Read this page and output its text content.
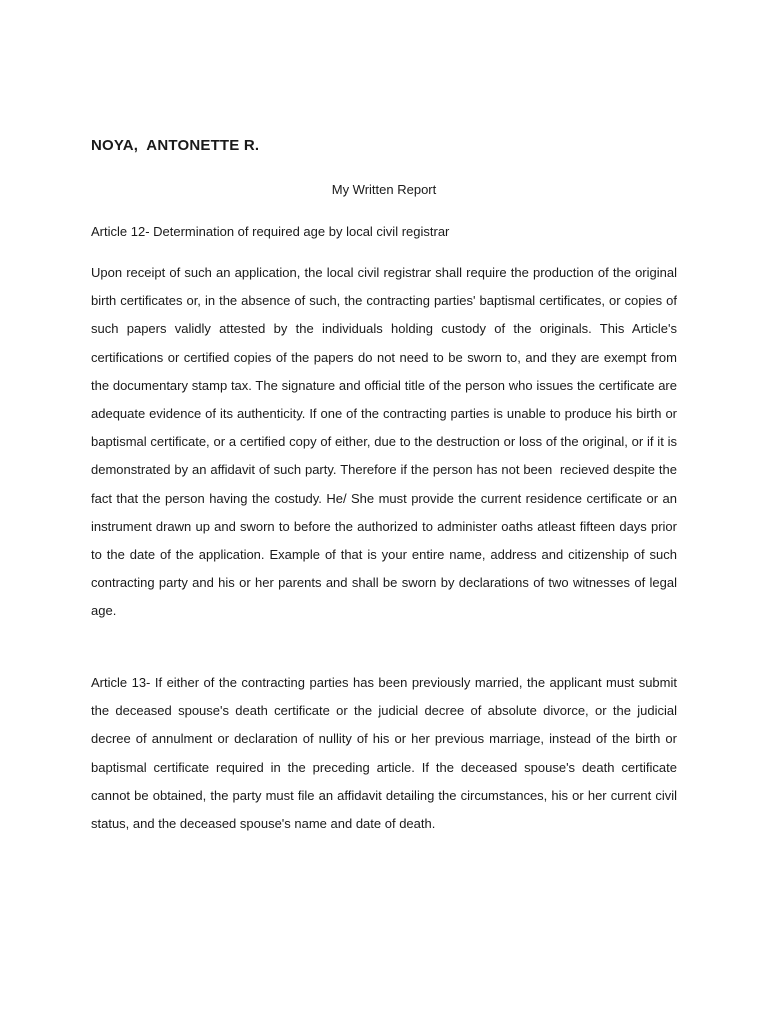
NOYA,  ANTONETTE R.
My Written Report
Article 12- Determination of required age by local civil registrar

Upon receipt of such an application, the local civil registrar shall require the production of the original birth certificates or, in the absence of such, the contracting parties' baptismal certificates, or copies of such papers validly attested by the individuals holding custody of the originals. This Article's certifications or certified copies of the papers do not need to be sworn to, and they are exempt from the documentary stamp tax. The signature and official title of the person who issues the certificate are adequate evidence of its authenticity. If one of the contracting parties is unable to produce his birth or baptismal certificate, or a certified copy of either, due to the destruction or loss of the original, or if it is demonstrated by an affidavit of such party. Therefore if the person has not been  recieved despite the fact that the person having the costudy. He/ She must provide the current residence certificate or an instrument drawn up and sworn to before the authorized to administer oaths atleast fifteen days prior to the date of the application. Example of that is your entire name, address and citizenship of such contracting party and his or her parents and shall be sworn by declarations of two witnesses of legal age.

Article 13- If either of the contracting parties has been previously married, the applicant must submit the deceased spouse's death certificate or the judicial decree of absolute divorce, or the judicial decree of annulment or declaration of nullity of his or her previous marriage, instead of the birth or baptismal certificate required in the preceding article. If the deceased spouse's death certificate cannot be obtained, the party must file an affidavit detailing the circumstances, his or her current civil status, and the deceased spouse's name and date of death.
